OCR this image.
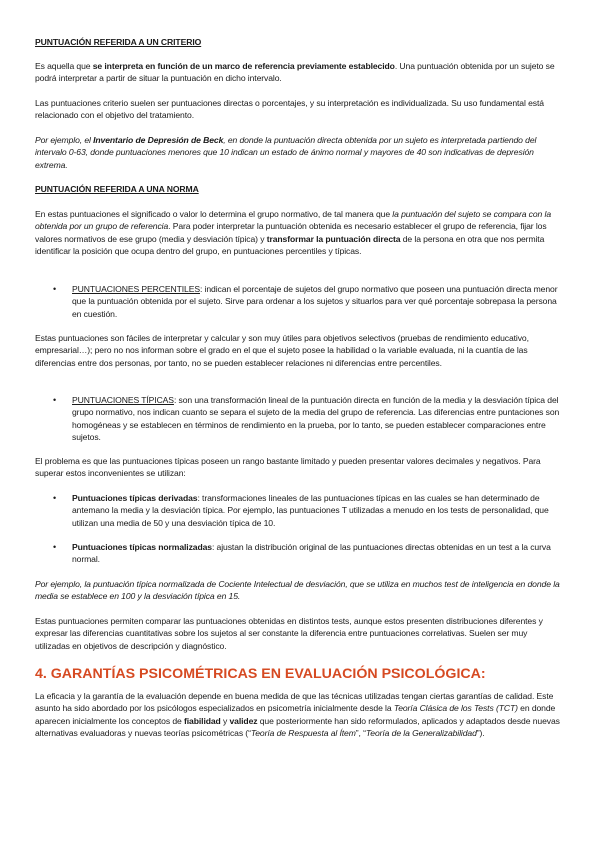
PUNTUACIÓN REFERIDA A UN CRITERIO
Es aquella que se interpreta en función de un marco de referencia previamente establecido. Una puntuación obtenida por un sujeto se podrá interpretar a partir de situar la puntuación en dicho intervalo.
Las puntuaciones criterio suelen ser puntuaciones directas o porcentajes, y su interpretación es individualizada. Su uso fundamental está relacionado con el objetivo del tratamiento.
Por ejemplo, el Inventario de Depresión de Beck, en donde la puntuación directa obtenida por un sujeto es interpretada partiendo del intervalo 0-63, donde puntuaciones menores que 10 indican un estado de ánimo normal y mayores de 40 son indicativas de depresión extrema.
PUNTUACIÓN REFERIDA A UNA NORMA
En estas puntuaciones el significado o valor lo determina el grupo normativo, de tal manera que la puntuación del sujeto se compara con la obtenida por un grupo de referencia. Para poder interpretar la puntuación obtenida es necesario establecer el grupo de referencia, fijar los valores normativos de ese grupo (media y desviación típica) y transformar la puntuación directa de la persona en otra que nos permita identificar la posición que ocupa dentro del grupo, en puntuaciones percentiles y típicas.
• PUNTUACIONES PERCENTILES: indican el porcentaje de sujetos del grupo normativo que poseen una puntuación directa menor que la puntuación obtenida por el sujeto. Sirve para ordenar a los sujetos y situarlos para ver qué porcentaje sobrepasa la persona en cuestión.
Estas puntuaciones son fáciles de interpretar y calcular y son muy útiles para objetivos selectivos (pruebas de rendimiento educativo, empresarial…); pero no nos informan sobre el grado en el que el sujeto posee la habilidad o la variable evaluada, ni la cuantía de las diferencias entre dos personas, por tanto, no se pueden establecer relaciones ni diferencias entre percentiles.
• PUNTUACIONES TÍPICAS: son una transformación lineal de la puntuación directa en función de la media y la desviación típica del grupo normativo, nos indican cuanto se separa el sujeto de la media del grupo de referencia. Las diferencias entre puntaciones son homogéneas y se establecen en términos de rendimiento en la prueba, por lo tanto, se pueden establecer comparaciones entre sujetos.
El problema es que las puntuaciones típicas poseen un rango bastante limitado y pueden presentar valores decimales y negativos. Para superar estos inconvenientes se utilizan:
• Puntuaciones típicas derivadas: transformaciones lineales de las puntuaciones típicas en las cuales se han determinado de antemano la media y la desviación típica. Por ejemplo, las puntuaciones T utilizadas a menudo en los tests de personalidad, que utilizan una media de 50 y una desviación típica de 10.
• Puntuaciones típicas normalizadas: ajustan la distribución original de las puntuaciones directas obtenidas en un test a la curva normal.
Por ejemplo, la puntuación típica normalizada de Cociente Intelectual de desviación, que se utiliza en muchos test de inteligencia en donde la media se establece en 100 y la desviación típica en 15.
Estas puntuaciones permiten comparar las puntuaciones obtenidas en distintos tests, aunque estos presenten distribuciones diferentes y expresar las diferencias cuantitativas sobre los sujetos al ser constante la diferencia entre puntuaciones correlativas. Suelen ser muy utilizadas en objetivos de descripción y diagnóstico.
4. GARANTÍAS PSICOMÉTRICAS EN EVALUACIÓN PSICOLÓGICA:
La eficacia y la garantía de la evaluación depende en buena medida de que las técnicas utilizadas tengan ciertas garantías de calidad. Este asunto ha sido abordado por los psicólogos especializados en psicometría inicialmente desde la Teoría Clásica de los Tests (TCT) en donde aparecen inicialmente los conceptos de fiabilidad y validez que posteriormente han sido reformulados, aplicados y adaptados desde nuevas alternativas evaluadoras y nuevas teorías psicométricas (“Teoría de Respuesta al Ítem”, “Teoría de la Generalizabilidad”).
